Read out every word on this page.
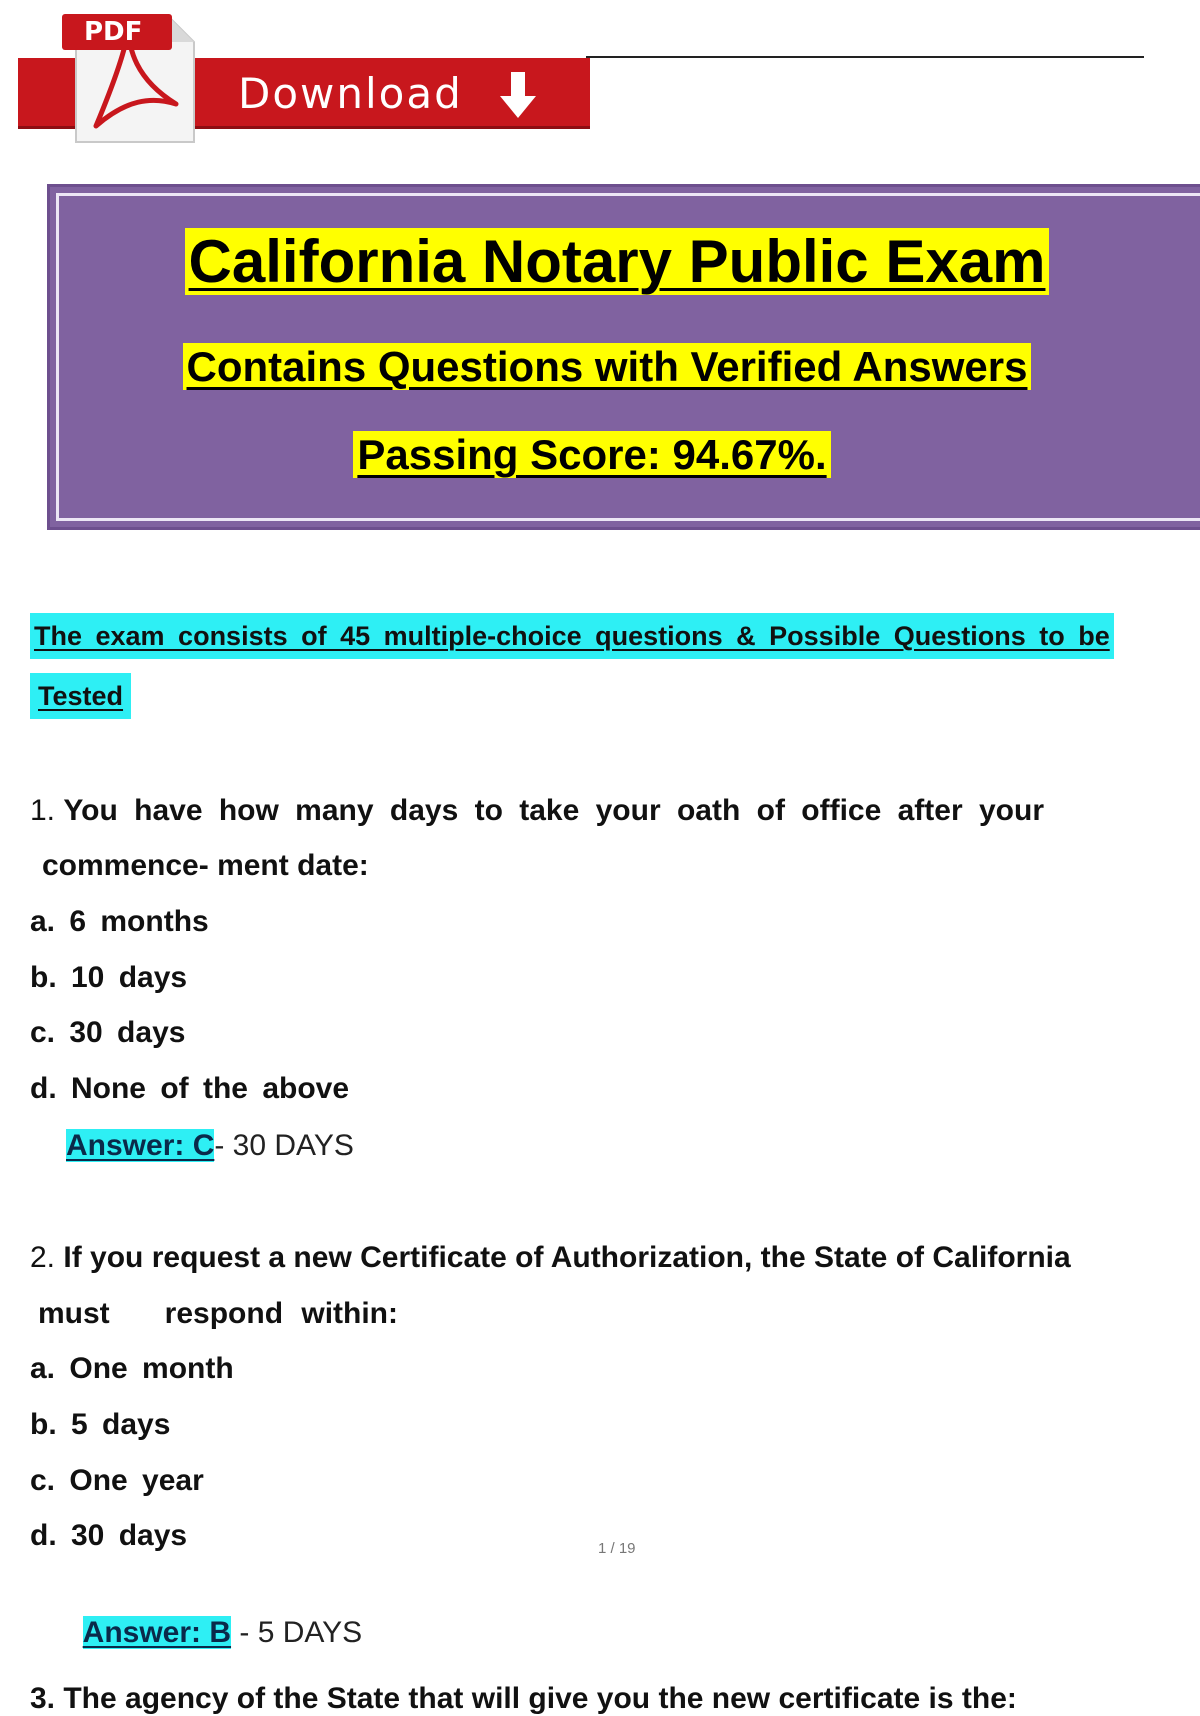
Download
PDF
California Notary Public Exam
Contains Questions with Verified Answers
Passing Score: 94.67%.
The exam consists of 45 multiple-choice questions & Possible Questions to be
Tested
1. You have how many days to take your oath of office after your
commence- ment date:
a. 6 months
b. 10 days
c. 30 days
d. None of the above
Answer: C- 30 DAYS
2. If you request a new Certificate of Authorization, the State of California
must   respond within:
a. One month
b. 5 days
c. One year
d. 30 days

Answer: B - 5 DAYS

1 / 19
3. The agency of the State that will give you the new certificate is the:
